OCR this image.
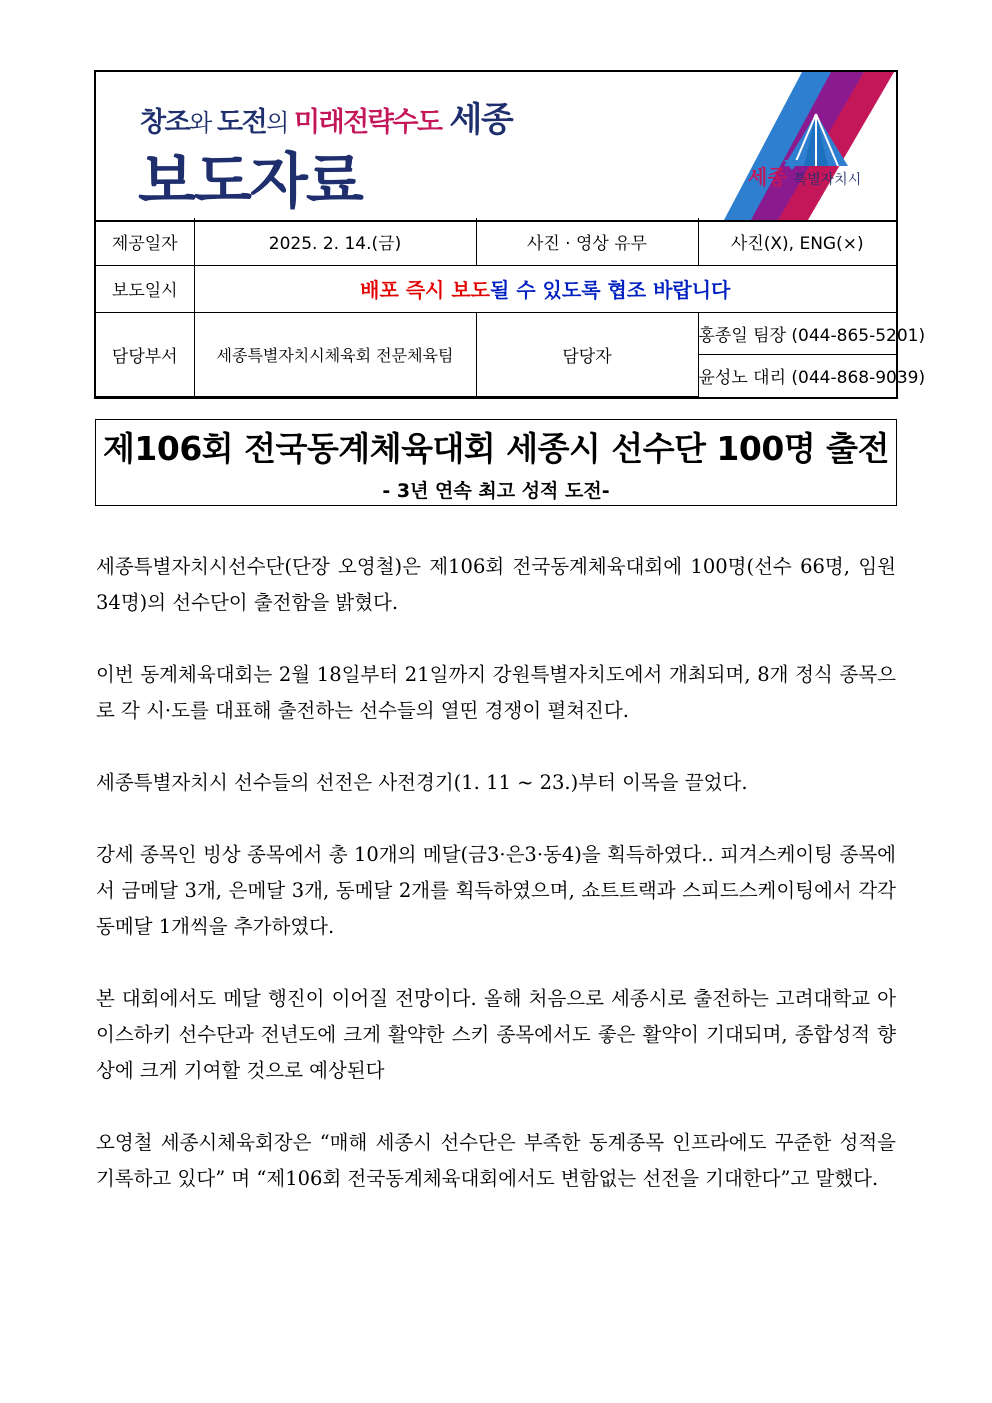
창조와 도전의 미래전략수도 세종
보도자료	세종 특별자치시
제공일자	2025. 2. 14.(금)	사진 · 영상 유무	사진(X), ENG(×)
보도일시	배포 즉시 보도될 수 있도록 협조 바랍니다		
담당부서	세종특별자치시체육회 전문체육팀	담당자	홍종일 팀장 (044-865-5201)
			윤성노 대리 (044-868-9039)
제106회 전국동계체육대회 세종시 선수단 100명 출전
- 3년 연속 최고 성적 도전-

세종특별자치시선수단(단장 오영철)은 제106회 전국동계체육대회에 100명(선수 66명, 임원 34명)의 선수단이 출전함을 밝혔다.

이번 동계체육대회는 2월 18일부터 21일까지 강원특별자치도에서 개최되며, 8개 정식 종목으로 각 시·도를 대표해 출전하는 선수들의 열띤 경쟁이 펼쳐진다.

세종특별자치시 선수들의 선전은 사전경기(1. 11 ~ 23.)부터 이목을 끌었다.

강세 종목인 빙상 종목에서 총 10개의 메달(금3·은3·동4)을 획득하였다.. 피겨스케이팅 종목에서 금메달 3개, 은메달 3개, 동메달 2개를 획득하였으며, 쇼트트랙과 스피드스케이팅에서 각각 동메달 1개씩을 추가하였다.

본 대회에서도 메달 행진이 이어질 전망이다. 올해 처음으로 세종시로 출전하는 고려대학교 아이스하키 선수단과 전년도에 크게 활약한 스키 종목에서도 좋은 활약이 기대되며, 종합성적 향상에 크게 기여할 것으로 예상된다

오영철 세종시체육회장은 “매해 세종시 선수단은 부족한 동계종목 인프라에도 꾸준한 성적을 기록하고 있다” 며 “제106회 전국동계체육대회에서도 변함없는 선전을 기대한다”고 말했다.
